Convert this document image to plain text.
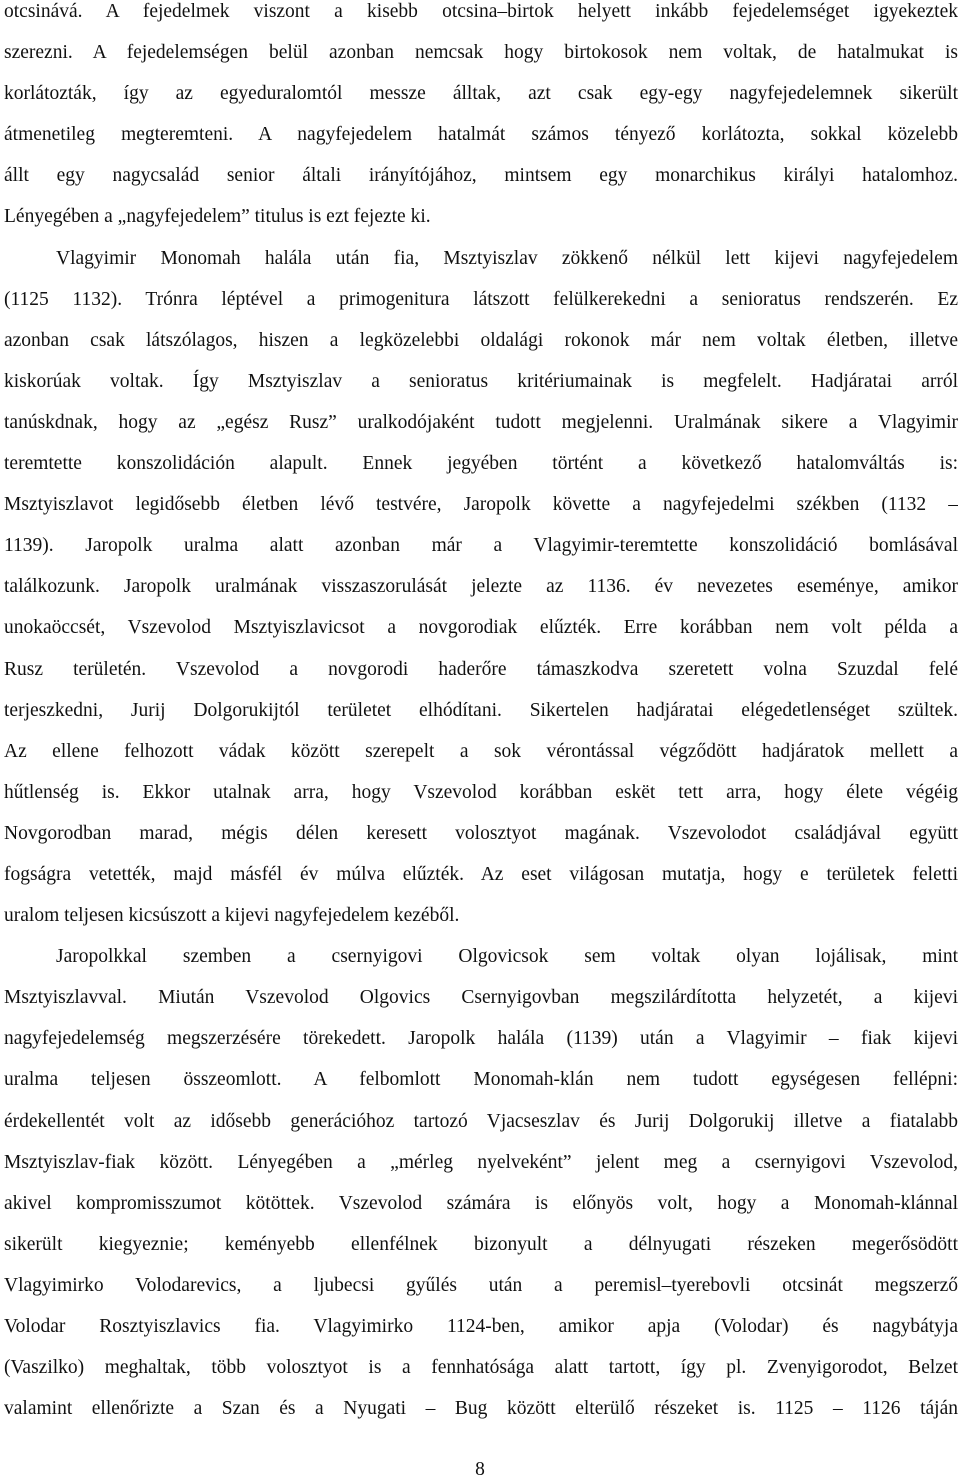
otcsinává. A fejedelmek viszont a kisebb otcsina–birtok helyett inkább fejedelemséget igyekeztek
szerezni. A fejedelemségen belül azonban nemcsak hogy birtokosok nem voltak, de hatalmukat is
korlátozták, így az egyeduralomtól messze álltak, azt csak egy-egy nagyfejedelemnek sikerült
átmenetileg megteremteni. A nagyfejedelem hatalmát számos tényező korlátozta, sokkal közelebb
állt egy nagycsalád senior általi irányítójához, mintsem egy monarchikus királyi hatalomhoz.
Lényegében a „nagyfejedelem” titulus is ezt fejezte ki.
Vlagyimir Monomah halála után fia, Msztyiszlav zökkenő nélkül lett kijevi nagyfejedelem
(1125 1132). Trónra léptével a primogenitura látszott felülkerekedni a senioratus rendszerén. Ez
azonban csak látszólagos, hiszen a legközelebbi oldalági rokonok már nem voltak életben, illetve
kiskorúak voltak. Így Msztyiszlav a senioratus kritériumainak is megfelelt. Hadjáratai arról
tanúskdnak, hogy az „egész Rusz” uralkodójaként tudott megjelenni. Uralmának sikere a Vlagyimir
teremtette konszolidáción alapult. Ennek jegyében történt a következő hatalomváltás is:
Msztyiszlavot legidősebb életben lévő testvére, Jaropolk követte a nagyfejedelmi székben (1132 –
1139). Jaropolk uralma alatt azonban már a Vlagyimir-teremtette konszolidáció bomlásával
találkozunk. Jaropolk uralmának visszaszorulását jelezte az 1136. év nevezetes eseménye, amikor
unokaöccsét, Vszevolod Msztyiszlavicsot a novgorodiak elűzték. Erre korábban nem volt példa a
Rusz területén. Vszevolod a novgorodi haderőre támaszkodva szeretett volna Szuzdal felé
terjeszkedni, Jurij Dolgorukijtól területet elhódítani. Sikertelen hadjáratai elégedetlenséget szültek.
Az ellene felhozott vádak között szerepelt a sok vérontással végződött hadjáratok mellett a
hűtlenség is. Ekkor utalnak arra, hogy Vszevolod korábban eskët tett arra, hogy élete végéig
Novgorodban marad, mégis délen keresett volosztyot magának. Vszevolodot családjával együtt
fogságra vetették, majd másfél év múlva elűzték. Az eset világosan mutatja, hogy e területek feletti
uralom teljesen kicsúszott a kijevi nagyfejedelem kezéből.
Jaropolkkal szemben a csernyigovi Olgovicsok sem voltak olyan lojálisak, mint
Msztyiszlavval. Miután Vszevolod Olgovics Csernyigovban megszilárdította helyzetét, a kijevi
nagyfejedelemség megszerzésére törekedett. Jaropolk halála (1139) után a Vlagyimir – fiak kijevi
uralma teljesen összeomlott. A felbomlott Monomah-klán nem tudott egységesen fellépni:
érdekellentét volt az idősebb generációhoz tartozó Vjacseszlav és Jurij Dolgorukij illetve a fiatalabb
Msztyiszlav-fiak között. Lényegében a „mérleg nyelveként” jelent meg a csernyigovi Vszevolod,
akivel kompromisszumot kötöttek. Vszevolod számára is előnyös volt, hogy a Monomah-klánnal
sikerült kiegyeznie; keményebb ellenfélnek bizonyult a délnyugati részeken megerősödött
Vlagyimirko Volodarevics, a ljubecsi gyűlés után a peremisl–tyerebovli otcsinát megszerző
Volodar Rosztyiszlavics fia. Vlagyimirko 1124-ben, amikor apja (Volodar) és nagybátyja
(Vaszilko) meghaltak, több volosztyot is a fennhatósága alatt tartott, így pl. Zvenyigorodot, Belzet
valamint ellenőrizte a Szan és a Nyugati – Bug között elterülő részeket is. 1125 – 1126 táján
8
